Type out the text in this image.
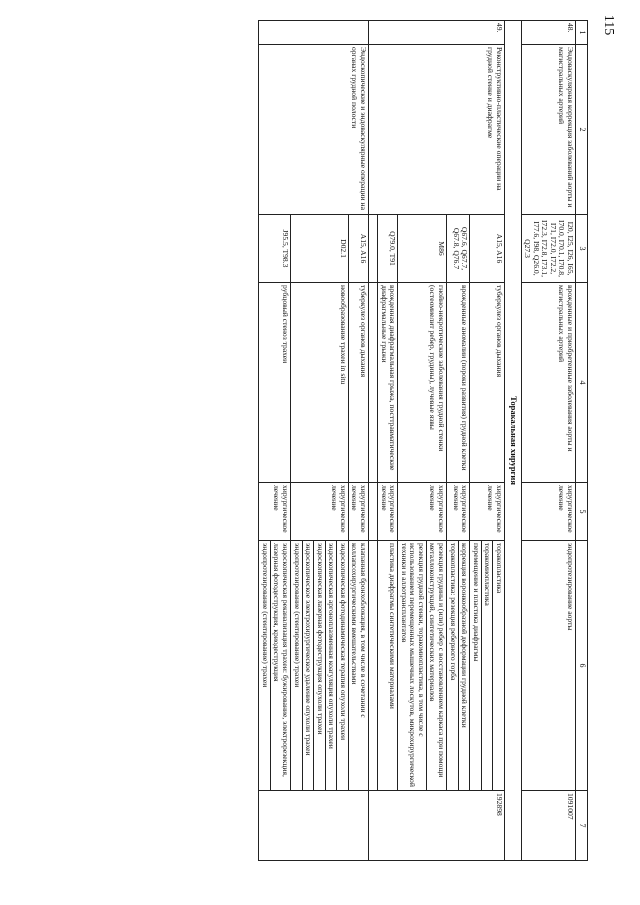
115
1	2	3	4	5	6	7
48.	Эндоваскулярная коррекция заболеваний аорты и магистральных артерий	I20, I25, I26, I65, I70.0, I70.1, I70.8, I71, I72.0, I72.2, I72.3, I72.8, I73.1, I77.6, I98, Q26.0, Q27.3	врожденные и приобретенные заболевания аорты и магистральных артерий	хирургическое лечение	эндопротезирование аорты	1091007
Торакальная хирургия						
49.	Реконструктивно-пластические операции на грудной стенке и диафрагме	A15, A16	туберкулез органов дыхания	хирургическое лечение	торакопластика	192898
					торакомиопластика	
					перемещение и пластика диафрагмы	
		Q67.6, Q67.7, Q67.8, Q76.7	врожденные аномалии (пороки развития) грудной клетки	хирургическое лечение	коррекция воронкообразной деформации грудной клетки	
					торакопластика: резекция реберного горба	
		M86	гнойно-некротические заболевания грудной стенки (остеомиелит ребер, грудины), лучевые язвы	хирургическое лечение	резекция грудины и (или) ребер с восстановлением каркаса при помощи металлоконструкций, синтетических материалов	
					резекция грудной стенки, торакомиопластика, в том числе с использованием перемещенных мышечных лоскутов, микрохирургической техники и аллотрансплантатов	
		Q79.0, T91	врожденная диафрагмальная грыжа, посттравматические диафрагмальные грыжи	хирургическое лечение	пластика диафрагмы синтетическими материалами	

	Эндоскопические и эндоваскулярные операции на органах грудной полости	A15, A16	туберкулез органов дыхания	хирургическое лечение	клапанная бронхоблокация, в том числе в сочетании с коллапсохирургическими вмешательствами	
		D02.1	новообразование трахеи in situ	хирургическое лечение	эндоскопическая фотодинамическая терапия опухоли трахеи	
					эндоскопическая аргоноплазменная коагуляция опухоли трахеи	
					эндоскопическая лазерная фотодеструкция опухоли трахеи	
					эндоскопическое электрохирургическое удаление опухоли трахеи	
					эндопротезирование (стентирование) трахеи	
		J95.5, T98.3	рубцовый стеноз трахеи	хирургическое лечение	эндоскопическая реканализация трахеи: бужирование, электрорезекция, лазерная фотодеструкция, криодеструкция	
					эндопротезирование (стентирование) трахеи	
